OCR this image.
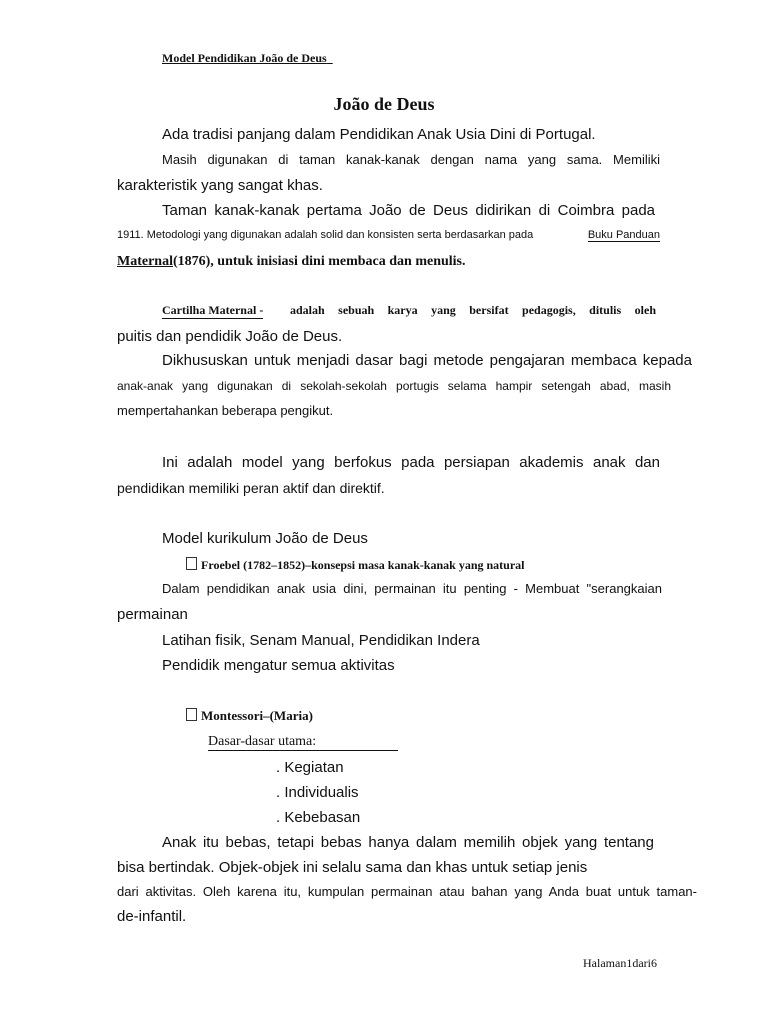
Model Pendidikan João de Deus
João de Deus
Ada tradisi panjang dalam Pendidikan Anak Usia Dini di Portugal.
Masih digunakan di taman kanak-kanak dengan nama yang sama. Memiliki
karakteristik yang sangat khas.
Taman kanak-kanak pertama João de Deus didirikan di Coimbra pada
1911. Metodologi yang digunakan adalah solid dan konsisten serta berdasarkan pada	Buku Panduan
Maternal(1876), untuk inisiasi dini membaca dan menulis.
Cartilha Maternal - adalah sebuah karya yang bersifat pedagogis, ditulis oleh
puitis dan pendidik João de Deus.
Dikhususkan untuk menjadi dasar bagi metode pengajaran membaca kepada
anak-anak yang digunakan di sekolah-sekolah portugis selama hampir setengah abad, masih
mempertahankan beberapa pengikut.
Ini adalah model yang berfokus pada persiapan akademis anak dan
pendidikan memiliki peran aktif dan direktif.
Model kurikulum João de Deus
Froebel (1782–1852)–konsepsi masa kanak-kanak yang natural
Dalam pendidikan anak usia dini, permainan itu penting - Membuat "serangkaian
permainan
Latihan fisik, Senam Manual, Pendidikan Indera
Pendidik mengatur semua aktivitas
Montessori–(Maria)
Dasar-dasar utama:
. Kegiatan
. Individualis
. Kebebasan
Anak itu bebas, tetapi bebas hanya dalam memilih objek yang tentang
bisa bertindak. Objek-objek ini selalu sama dan khas untuk setiap jenis
dari aktivitas. Oleh karena itu, kumpulan permainan atau bahan yang Anda buat untuk taman-
de-infantil.
Halaman1dari6
